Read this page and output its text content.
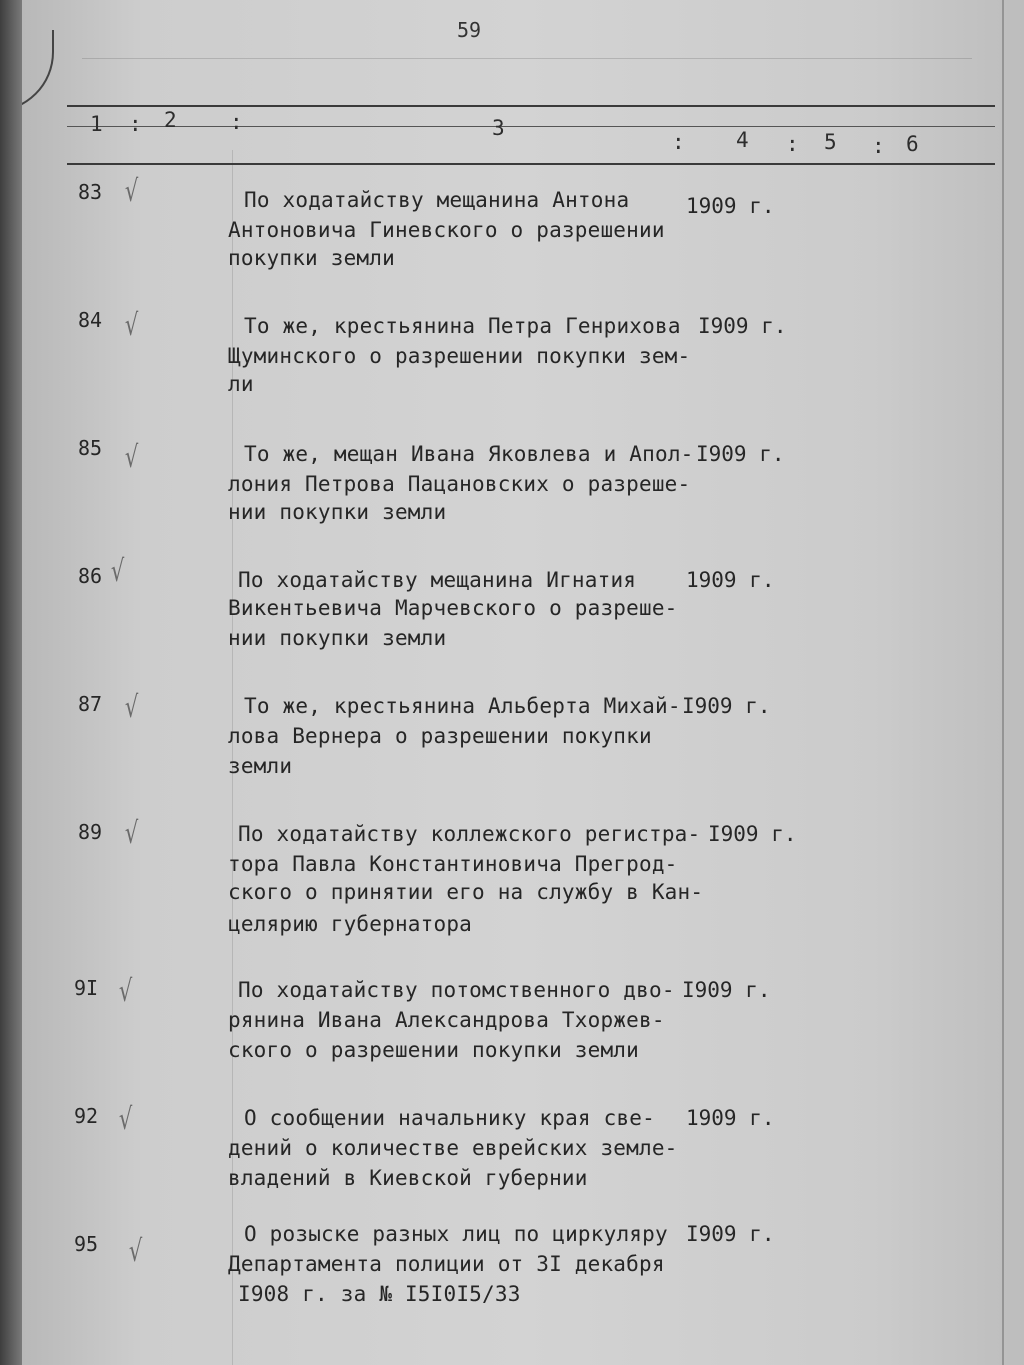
59
1 : 2	:	3
: 4 : 5 : 6
83 √	По ходатайству мещанина Антона
Антоновича Гиневского о разрешении
покупки земли
1909 г.
84 √	То же, крестьянина Петра Генрихова
Щуминского о разрешении покупки зем-
ли
I909 г.
85 √	То же, мещан Ивана Яковлева и Апол-
лония Петрова Пацановских о разреше-
нии покупки земли
I909 г.
86 √	По ходатайству мещанина Игнатия
Викентьевича Марчевского о разреше-
нии покупки земли
1909 г.
87 √	То же, крестьянина Альберта Михай-
лова Вернера о разрешении покупки
земли
I909 г.
89 √	По ходатайству коллежского регистра-
тора Павла Константиновича Прегрод-
ского о принятии его на службу в Кан-
целярию губернатора
I909 г.
9I √	По ходатайству потомственного дво-
рянина Ивана Александрова Тхоржев-
ского о разрешении покупки земли
I909 г.
92 √	О сообщении начальнику края све-
дений о количестве еврейских земле-
владений в Киевской губернии
1909 г.
95 √	О розыске разных лиц по циркуляру
Департамента полиции от 3I декабря
I908 г. за № I5I0I5/33
I909 г.
